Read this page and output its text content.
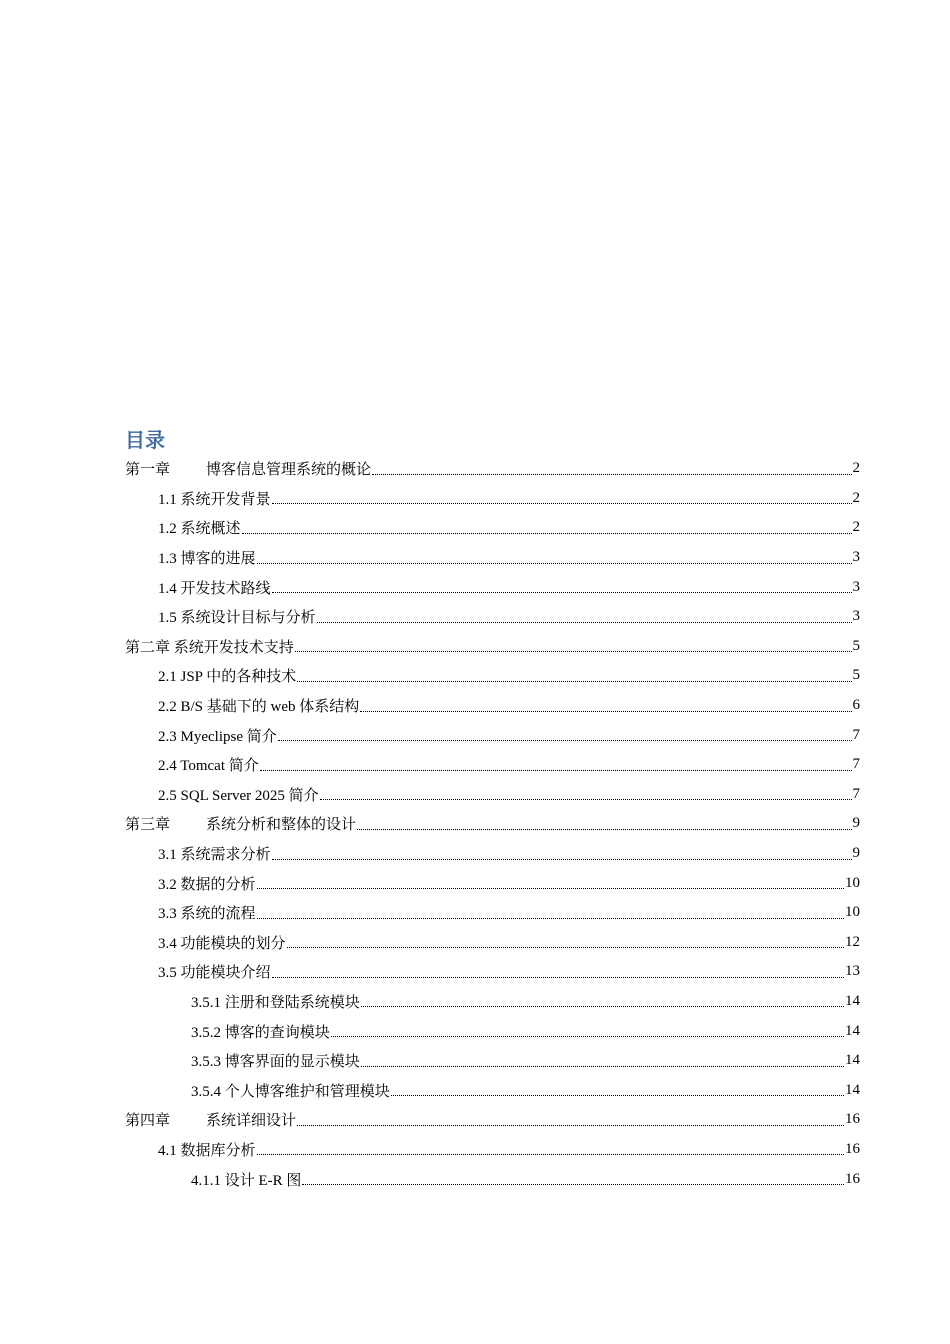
目录
第一章 博客信息管理系统的概论	2
1.1 系统开发背景	2
1.2 系统概述	2
1.3 博客的进展	3
1.4 开发技术路线	3
1.5 系统设计目标与分析	3
第二章 系统开发技术支持	5
2.1 JSP 中的各种技术	5
2.2 B/S 基础下的 web 体系结构	6
2.3 Myeclipse 简介	7
2.4 Tomcat 简介	7
2.5 SQL Server 2025 简介	7
第三章 系统分析和整体的设计	9
3.1 系统需求分析	9
3.2 数据的分析	10
3.3 系统的流程	10
3.4 功能模块的划分	12
3.5 功能模块介绍	13
3.5.1 注册和登陆系统模块	14
3.5.2 博客的查询模块	14
3.5.3 博客界面的显示模块	14
3.5.4 个人博客维护和管理模块	14
第四章 系统详细设计	16
4.1 数据库分析	16
4.1.1 设计 E-R 图	16
